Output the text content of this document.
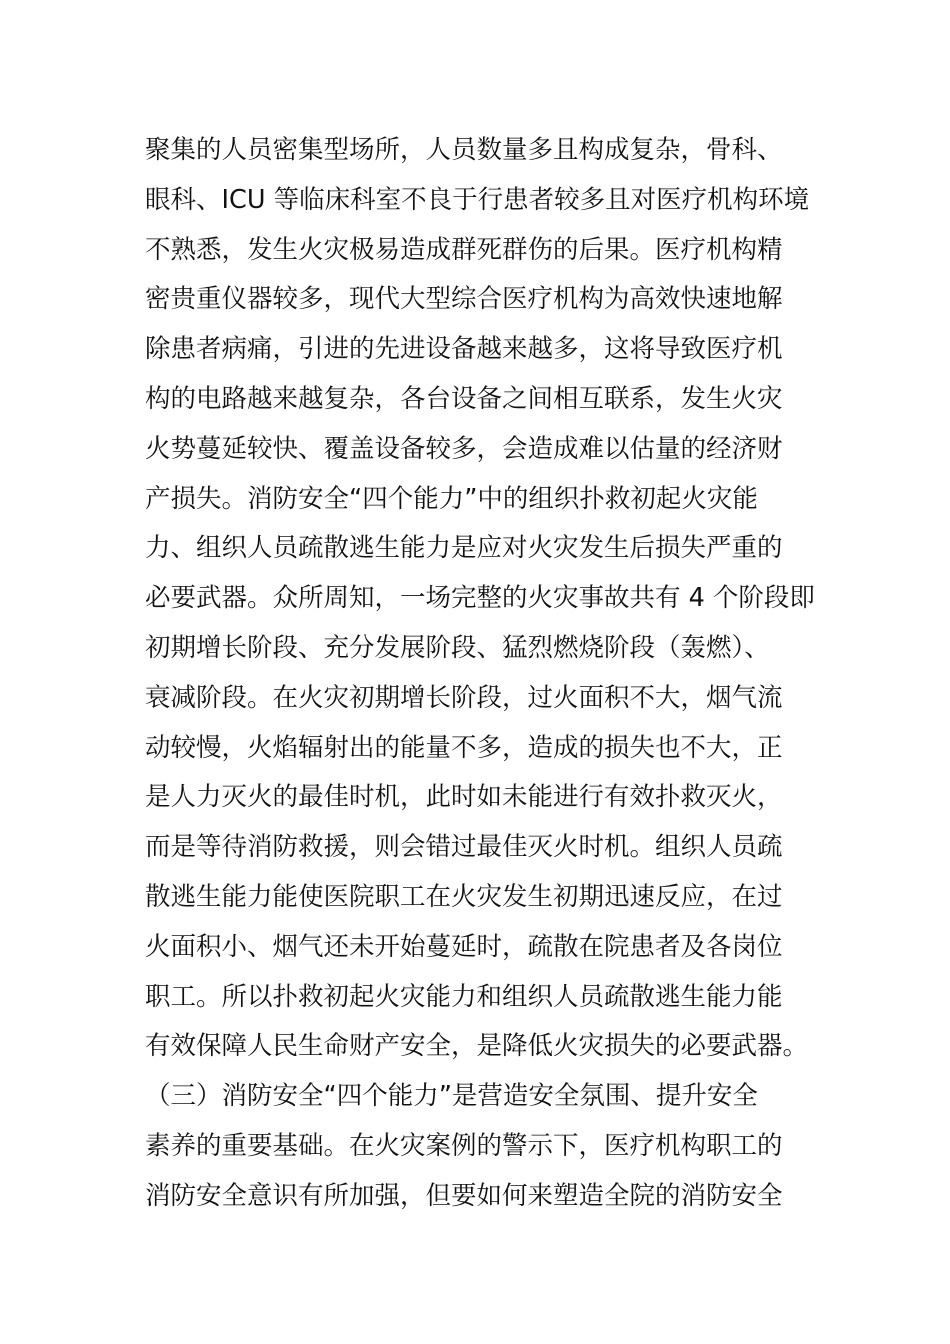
聚集的人员密集型场所，人员数量多且构成复杂，骨科、
眼科、ICU 等临床科室不良于行患者较多且对医疗机构环境
不熟悉，发生火灾极易造成群死群伤的后果。医疗机构精
密贵重仪器较多，现代大型综合医疗机构为高效快速地解
除患者病痛，引进的先进设备越来越多，这将导致医疗机
构的电路越来越复杂，各台设备之间相互联系，发生火灾
火势蔓延较快、覆盖设备较多，会造成难以估量的经济财
产损失。消防安全“四个能力”中的组织扑救初起火灾能
力、组织人员疏散逃生能力是应对火灾发生后损失严重的
必要武器。众所周知，一场完整的火灾事故共有 4 个阶段即
初期增长阶段、充分发展阶段、猛烈燃烧阶段（轰燃）、
衰减阶段。在火灾初期增长阶段，过火面积不大，烟气流
动较慢，火焰辐射出的能量不多，造成的损失也不大，正
是人力灭火的最佳时机，此时如未能进行有效扑救灭火，
而是等待消防救援，则会错过最佳灭火时机。组织人员疏
散逃生能力能使医院职工在火灾发生初期迅速反应，在过
火面积小、烟气还未开始蔓延时，疏散在院患者及各岗位
职工。所以扑救初起火灾能力和组织人员疏散逃生能力能
有效保障人民生命财产安全，是降低火灾损失的必要武器。
（三）消防安全“四个能力”是营造安全氛围、提升安全
素养的重要基础。在火灾案例的警示下，医疗机构职工的
消防安全意识有所加强，但要如何来塑造全院的消防安全
